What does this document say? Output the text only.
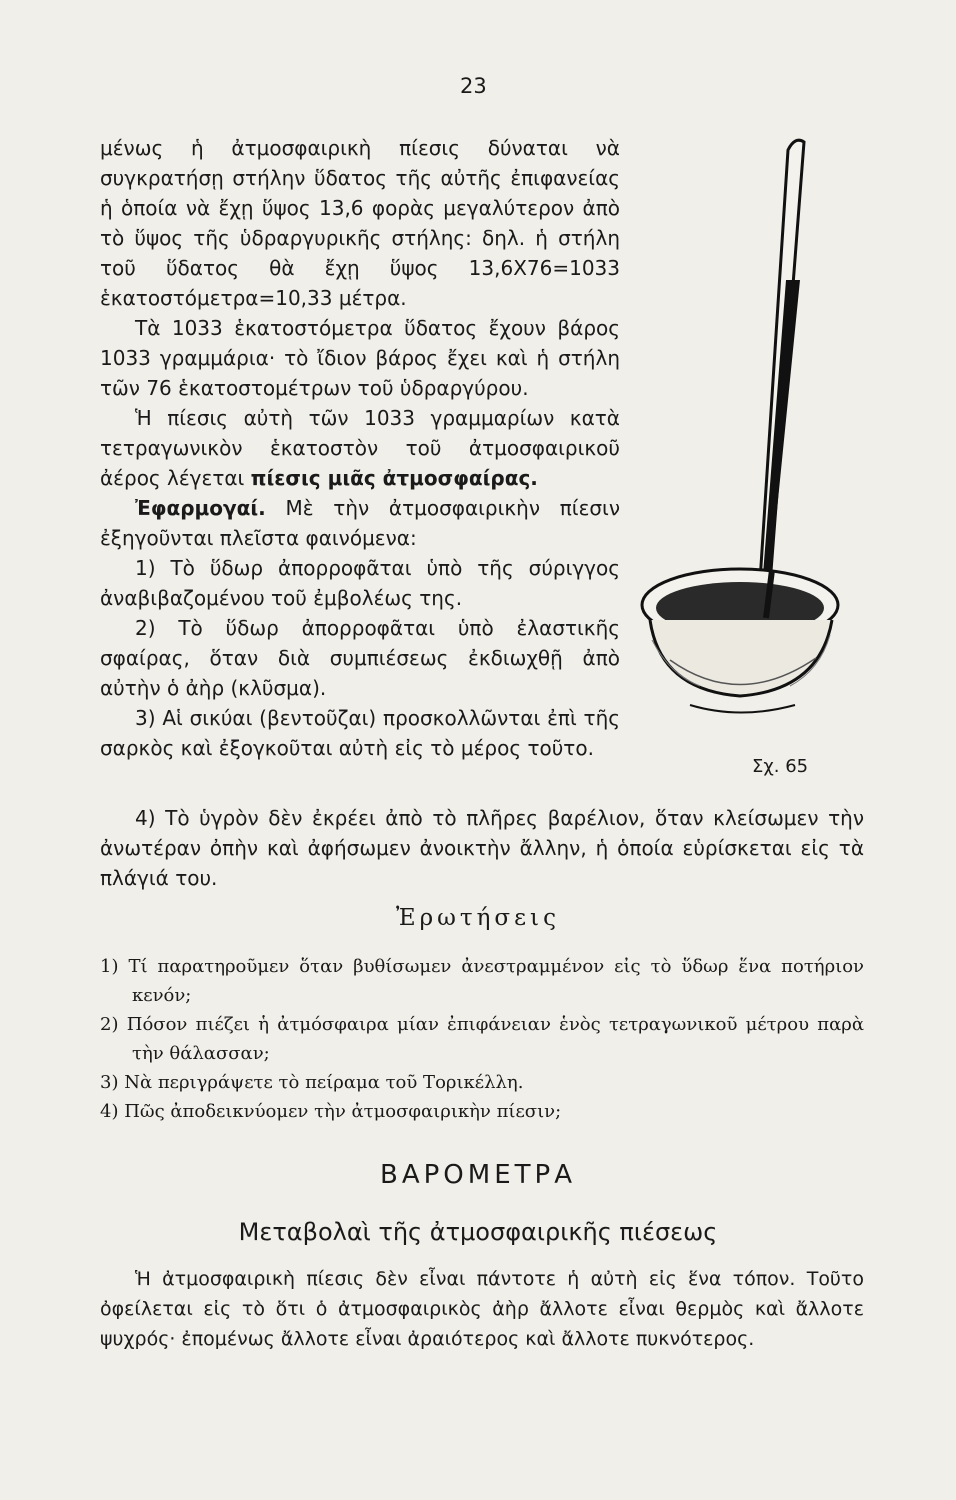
23

μένως ἡ ἀτμοσφαιρικὴ πίεσις δύναται νὰ συγκρατήσῃ στήλην ὕδατος τῆς αὐτῆς ἐπιφανείας ἡ ὁποία νὰ ἔχῃ ὕψος 13,6 φορὰς μεγαλύτερον ἀπὸ τὸ ὕψος τῆς ὑδραργυρικῆς στήλης: δηλ. ἡ στήλη τοῦ ὕδατος θὰ ἔχῃ ὕψος 13,6Χ76=1033 ἑκατοστόμετρα=10,33 μέτρα.

Τὰ 1033 ἑκατοστόμετρα ὕδατος ἔχουν βάρος 1033 γραμμάρια· τὸ ἴδιον βάρος ἔχει καὶ ἡ στήλη τῶν 76 ἑκατοστομέτρων τοῦ ὑδραργύρου.

Ἡ πίεσις αὐτὴ τῶν 1033 γραμμαρίων κατὰ τετραγωνικὸν ἑκατοστὸν τοῦ ἀτμοσφαιρικοῦ ἀέρος λέγεται πίεσις μιᾶς ἀτμοσφαίρας.

Ἐφαρμογαί. Μὲ τὴν ἀτμοσφαιρικὴν πίεσιν ἐξηγοῦνται πλεῖστα φαινόμενα:

1) Τὸ ὕδωρ ἀπορροφᾶται ὑπὸ τῆς σύριγγος ἀναβιβαζομένου τοῦ ἐμβολέως της.

2) Τὸ ὕδωρ ἀπορροφᾶται ὑπὸ ἐλαστικῆς σφαίρας, ὅταν διὰ συμπιέσεως ἐκδιωχθῇ ἀπὸ αὐτὴν ὁ ἀὴρ (κλῦσμα).

3) Αἱ σικύαι (βεντοῦζαι) προσκολλῶνται ἐπὶ τῆς σαρκὸς καὶ ἐξογκοῦται αὐτὴ εἰς τὸ μέρος τοῦτο.

Σχ. 65

4) Τὸ ὑγρὸν δὲν ἐκρέει ἀπὸ τὸ πλῆρες βαρέλιον, ὅταν κλείσωμεν τὴν ἀνωτέραν ὀπὴν καὶ ἀφήσωμεν ἀνοικτὴν ἄλλην, ἡ ὁποία εὑρίσκεται εἰς τὰ πλάγιά του.

Ἐρωτήσεις
1) Τί παρατηροῦμεν ὅταν βυθίσωμεν ἀνεστραμμένον εἰς τὸ ὕδωρ ἕνα ποτήριον κενόν;
2) Πόσον πιέζει ἡ ἀτμόσφαιρα μίαν ἐπιφάνειαν ἑνὸς τετραγωνικοῦ μέτρου παρὰ τὴν θάλασσαν;
3) Νὰ περιγράψετε τὸ πείραμα τοῦ Τορικέλλη.
4) Πῶς ἀποδεικνύομεν τὴν ἀτμοσφαιρικὴν πίεσιν;
ΒΑΡΟΜΕΤΡΑ
Μεταβολαὶ τῆς ἀτμοσφαιρικῆς πιέσεως

Ἡ ἀτμοσφαιρικὴ πίεσις δὲν εἶναι πάντοτε ἡ αὐτὴ εἰς ἕνα τόπον. Τοῦτο ὀφείλεται εἰς τὸ ὅτι ὁ ἀτμοσφαιρικὸς ἀὴρ ἄλλοτε εἶναι θερμὸς καὶ ἄλλοτε ψυχρός· ἐπομένως ἄλλοτε εἶναι ἀραιότερος καὶ ἄλλοτε πυκνότερος.
